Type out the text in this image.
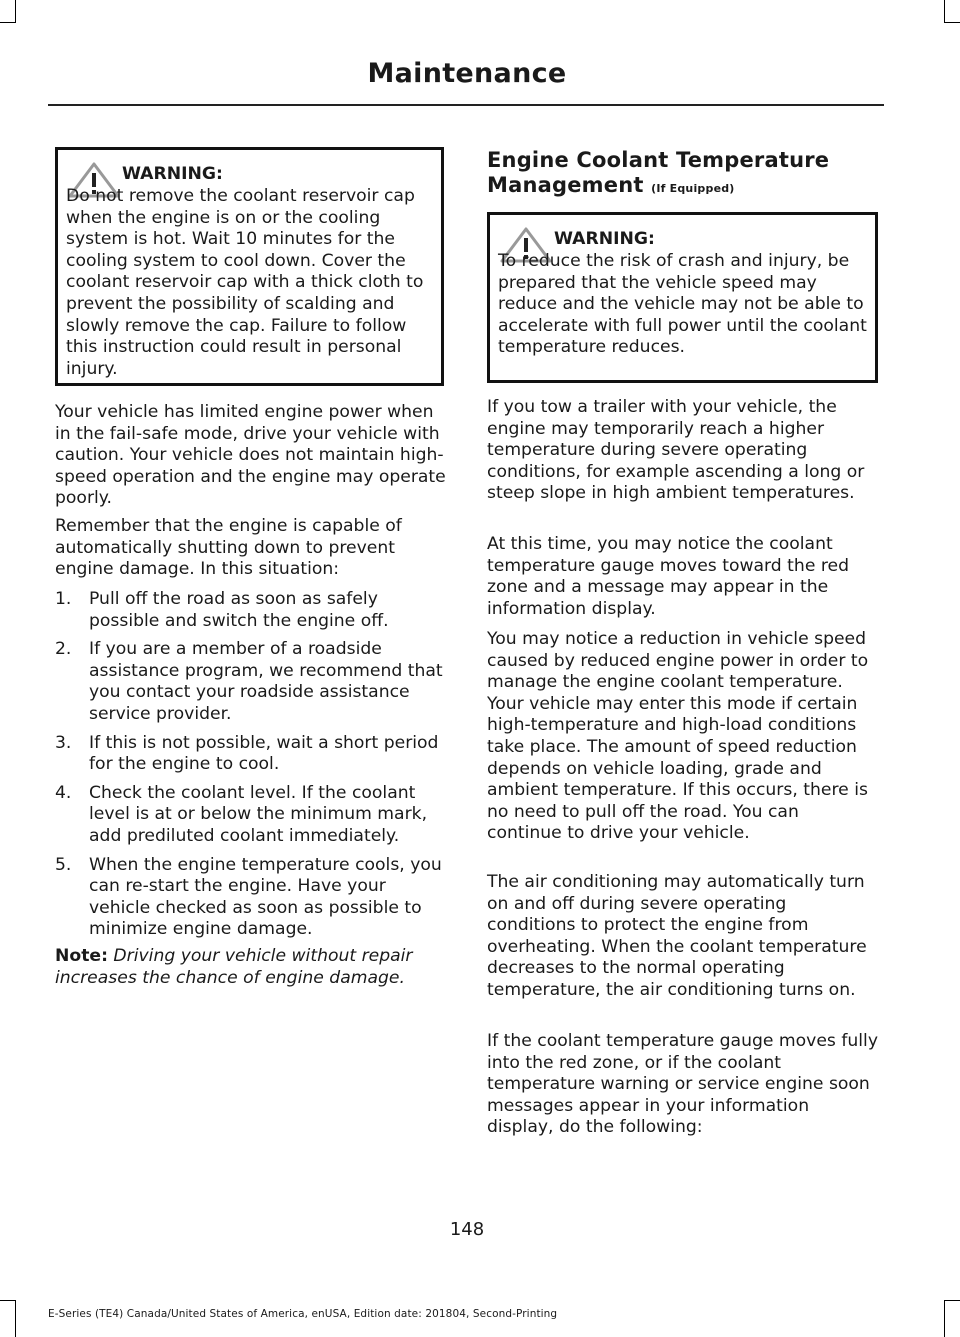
Maintenance
WARNING:
Do not remove the coolant reservoir cap when the engine is on or the cooling system is hot. Wait 10 minutes for the cooling system to cool down. Cover the coolant reservoir cap with a thick cloth to prevent the possibility of scalding and slowly remove the cap. Failure to follow this instruction could result in personal injury.

Your vehicle has limited engine power when in the fail-safe mode, drive your vehicle with caution. Your vehicle does not maintain high-speed operation and the engine may operate poorly.

Remember that the engine is capable of automatically shutting down to prevent engine damage. In this situation:

1. Pull off the road as soon as safely possible and switch the engine off.
2. If you are a member of a roadside assistance program, we recommend that you contact your roadside assistance service provider.
3. If this is not possible, wait a short period for the engine to cool.
4. Check the coolant level. If the coolant level is at or below the minimum mark, add prediluted coolant immediately.
5. When the engine temperature cools, you can re-start the engine. Have your vehicle checked as soon as possible to minimize engine damage.

Note: Driving your vehicle without repair increases the chance of engine damage.

Engine Coolant Temperature
Management (If Equipped)
WARNING:
To reduce the risk of crash and injury, be prepared that the vehicle speed may reduce and the vehicle may not be able to accelerate with full power until the coolant temperature reduces.

If you tow a trailer with your vehicle, the engine may temporarily reach a higher temperature during severe operating conditions, for example ascending a long or steep slope in high ambient temperatures.

At this time, you may notice the coolant temperature gauge moves toward the red zone and a message may appear in the information display.

You may notice a reduction in vehicle speed caused by reduced engine power in order to manage the engine coolant temperature. Your vehicle may enter this mode if certain high-temperature and high-load conditions take place. The amount of speed reduction depends on vehicle loading, grade and ambient temperature. If this occurs, there is no need to pull off the road. You can continue to drive your vehicle.

The air conditioning may automatically turn on and off during severe operating conditions to protect the engine from overheating. When the coolant temperature decreases to the normal operating temperature, the air conditioning turns on.

If the coolant temperature gauge moves fully into the red zone, or if the coolant temperature warning or service engine soon messages appear in your information display, do the following:

148
E-Series (TE4) Canada/United States of America, enUSA, Edition date: 201804, Second-Printing
